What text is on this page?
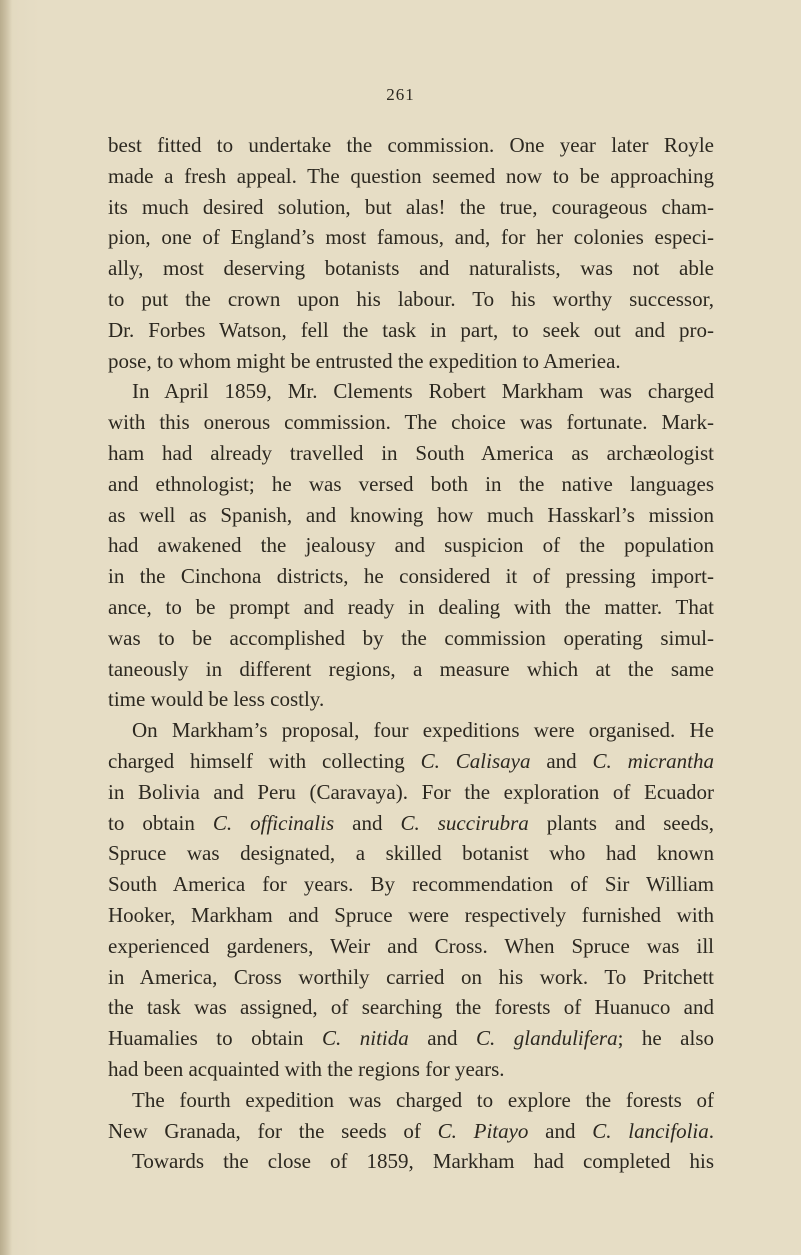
261
best fitted to undertake the commission. One year later Royle
made a fresh appeal. The question seemed now to be approaching
its much desired solution, but alas! the true, courageous cham-
pion, one of England’s most famous, and, for her colonies especi-
ally, most deserving botanists and naturalists, was not able
to put the crown upon his labour. To his worthy successor,
Dr. Forbes Watson, fell the task in part, to seek out and pro-
pose, to whom might be entrusted the expedition to Ameriea.
In April 1859, Mr. Clements Robert Markham was charged
with this onerous commission. The choice was fortunate. Mark-
ham had already travelled in South America as archæologist
and ethnologist; he was versed both in the native languages
as well as Spanish, and knowing how much Hasskarl’s mission
had awakened the jealousy and suspicion of the population
in the Cinchona districts, he considered it of pressing import-
ance, to be prompt and ready in dealing with the matter. That
was to be accomplished by the commission operating simul-
taneously in different regions, a measure which at the same
time would be less costly.
On Markham’s proposal, four expeditions were organised. He
charged himself with collecting C. Calisaya and C. micrantha
in Bolivia and Peru (Caravaya). For the exploration of Ecuador
to obtain C. officinalis and C. succirubra plants and seeds,
Spruce was designated, a skilled botanist who had known
South America for years. By recommendation of Sir William
Hooker, Markham and Spruce were respectively furnished with
experienced gardeners, Weir and Cross. When Spruce was ill
in America, Cross worthily carried on his work. To Pritchett
the task was assigned, of searching the forests of Huanuco and
Huamalies to obtain C. nitida and C. glandulifera; he also
had been acquainted with the regions for years.
The fourth expedition was charged to explore the forests of
New Granada, for the seeds of C. Pitayo and C. lancifolia.
Towards the close of 1859, Markham had completed his
